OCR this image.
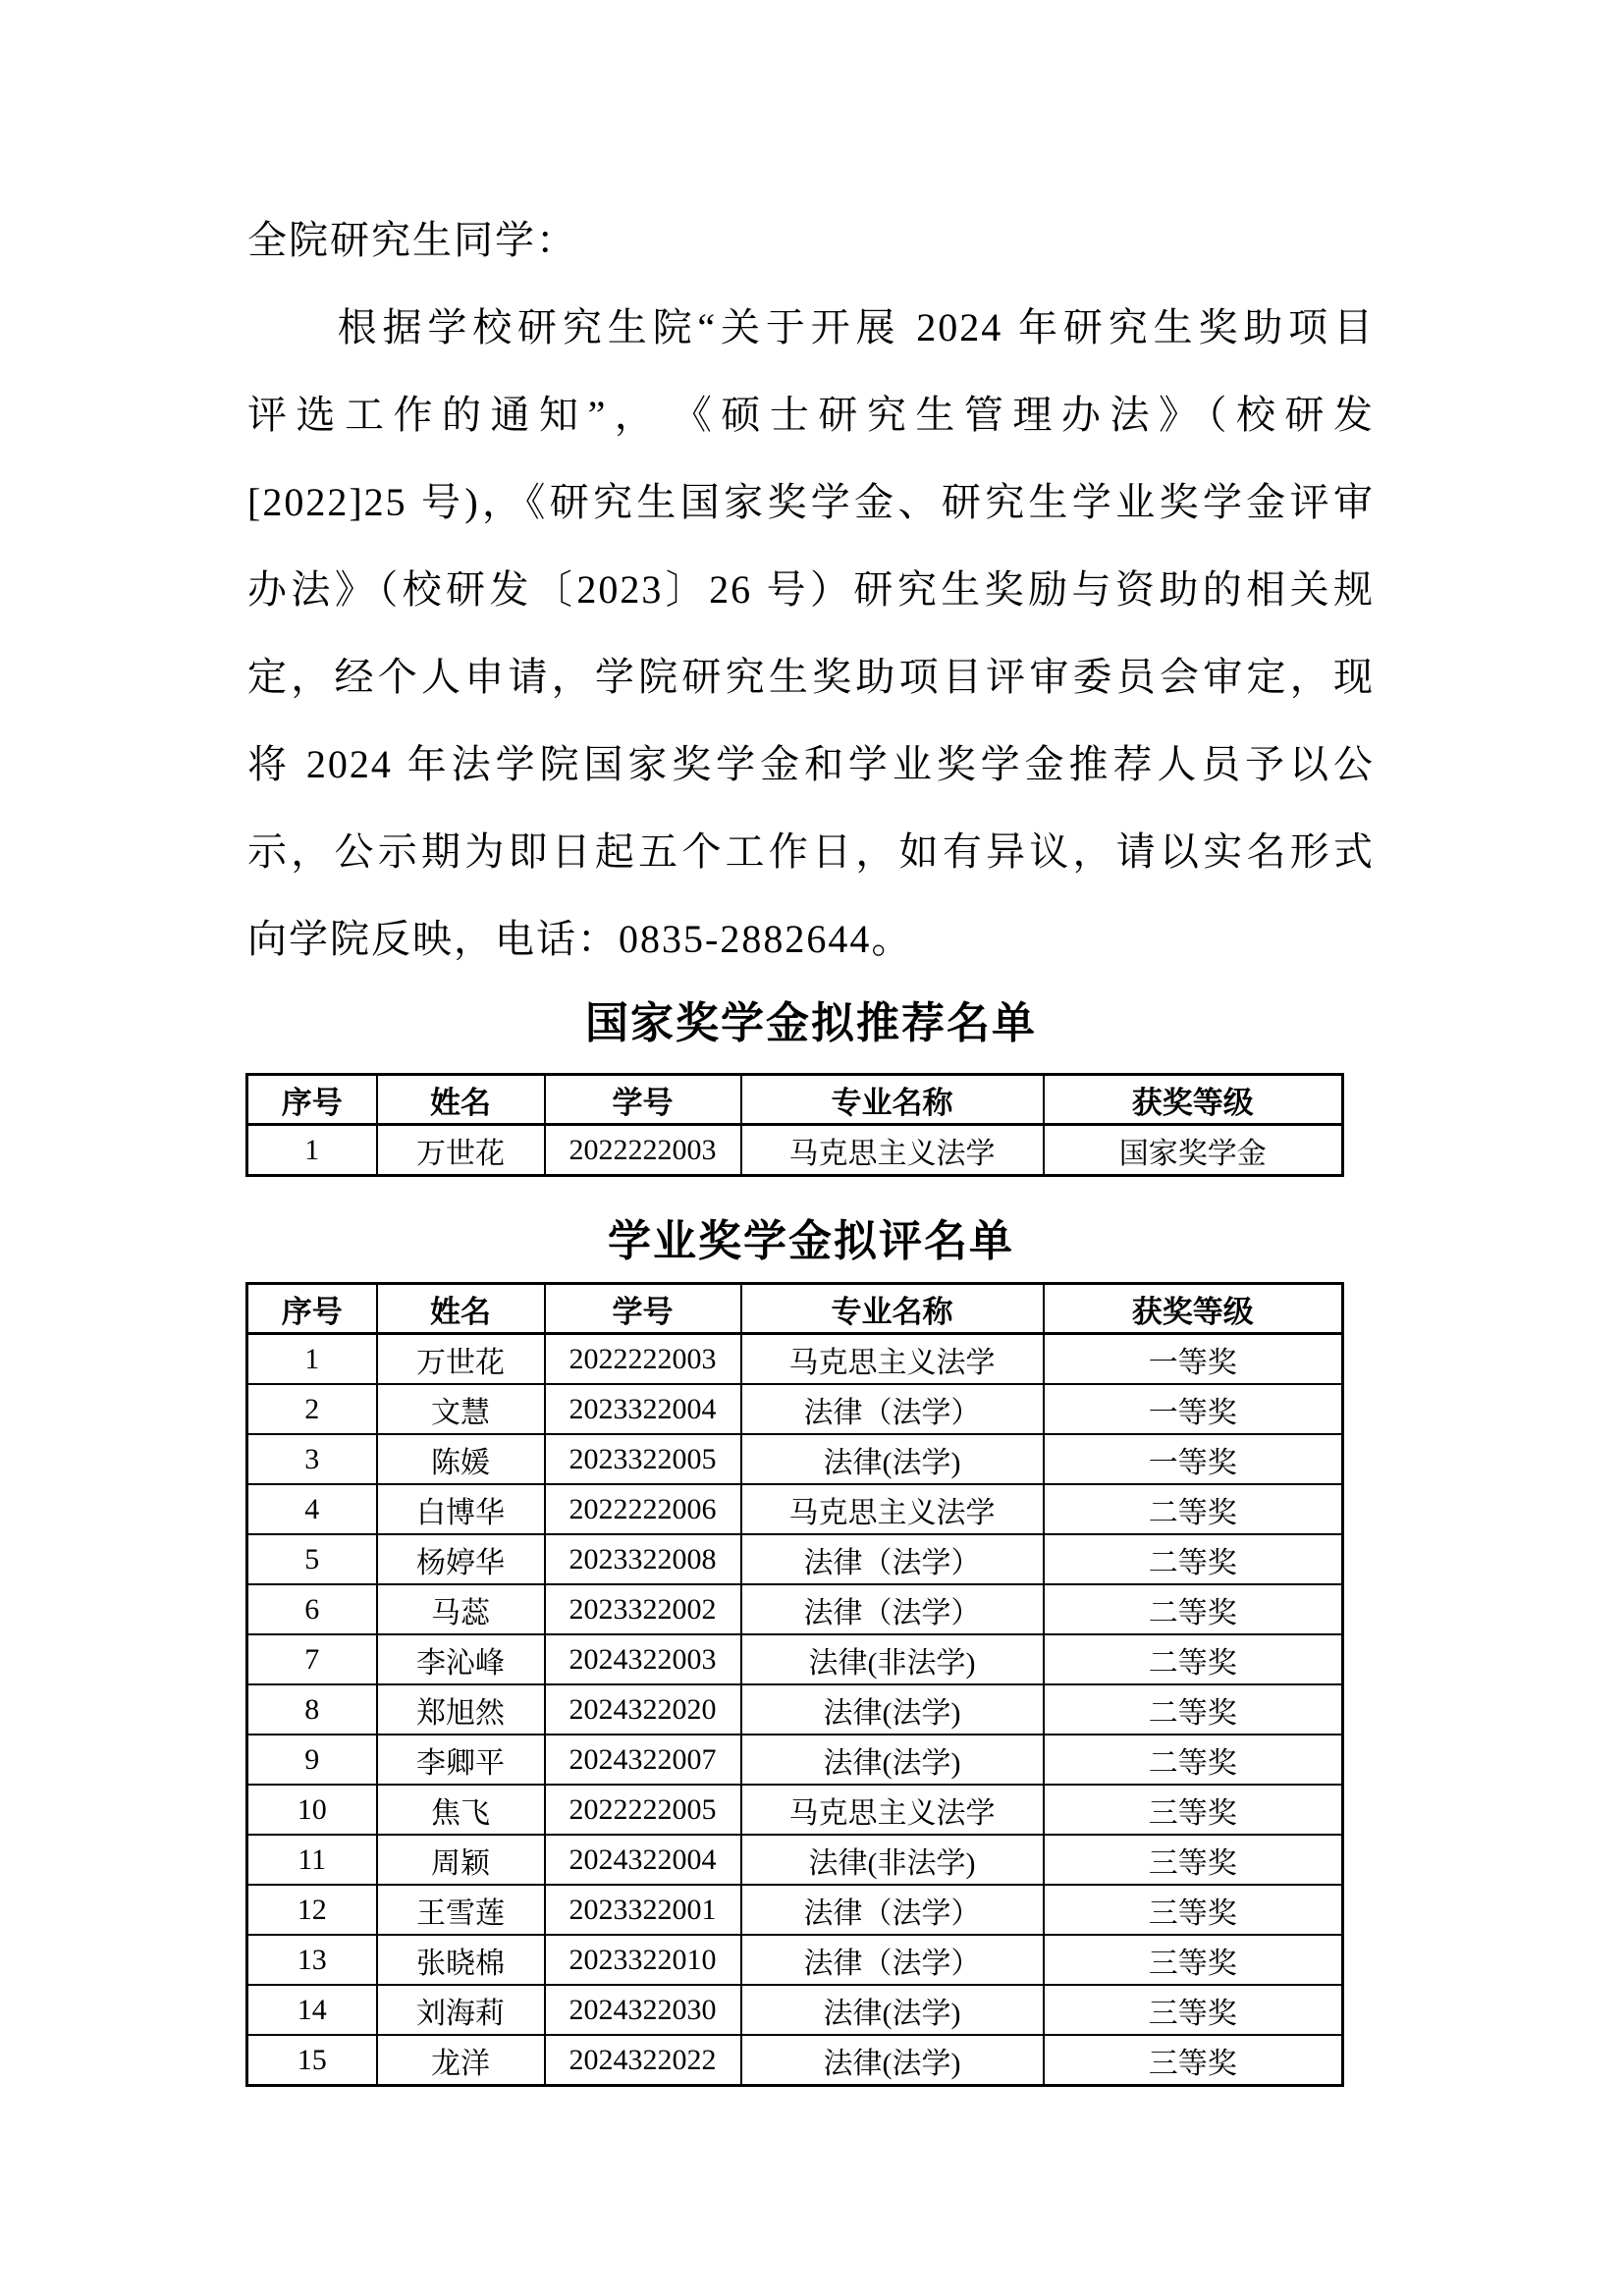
全院研究生同学：
　　根据学校研究生院“关于开展 2024 年研究生奖助项目
评选工作的通知”，　《硕士研究生管理办法》（校研发
[2022]25 号)，《研究生国家奖学金、研究生学业奖学金评审
办法》（校研发〔2023〕26 号）研究生奖励与资助的相关规
定，经个人申请，学院研究生奖助项目评审委员会审定，现
将 2024 年法学院国家奖学金和学业奖学金推荐人员予以公
示，公示期为即日起五个工作日，如有异议，请以实名形式
向学院反映，电话：0835-2882644。
国家奖学金拟推荐名单
序号	姓名	学号	专业名称	获奖等级
1	万世花	2022222003	马克思主义法学	国家奖学金
学业奖学金拟评名单
序号	姓名	学号	专业名称	获奖等级
1	万世花	2022222003	马克思主义法学	一等奖
2	文慧	2023322004	法律（法学）	一等奖
3	陈媛	2023322005	法律(法学)	一等奖
4	白博华	2022222006	马克思主义法学	二等奖
5	杨婷华	2023322008	法律（法学）	二等奖
6	马蕊	2023322002	法律（法学）	二等奖
7	李沁峰	2024322003	法律(非法学)	二等奖
8	郑旭然	2024322020	法律(法学)	二等奖
9	李卿平	2024322007	法律(法学)	二等奖
10	焦飞	2022222005	马克思主义法学	三等奖
11	周颖	2024322004	法律(非法学)	三等奖
12	王雪莲	2023322001	法律（法学）	三等奖
13	张晓棉	2023322010	法律（法学）	三等奖
14	刘海莉	2024322030	法律(法学)	三等奖
15	龙洋	2024322022	法律(法学)	三等奖
